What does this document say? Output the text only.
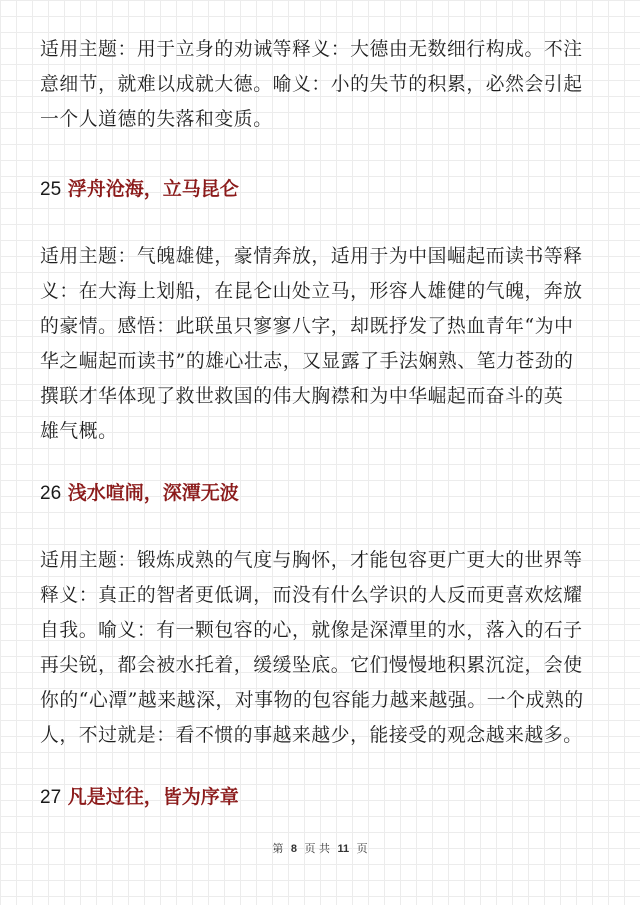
适用主题：用于立身的劝诫等释义：大德由无数细行构成。不注
意细节，就难以成就大德。喻义：小的失节的积累，必然会引起
一个人道德的失落和变质。

25 浮舟沧海，立马昆仑

适用主题：气魄雄健，豪情奔放，适用于为中国崛起而读书等释
义：在大海上划船，在昆仑山处立马，形容人雄健的气魄，奔放
的豪情。感悟：此联虽只寥寥八字，却既抒发了热血青年“为中
华之崛起而读书”的雄心壮志，又显露了手法娴熟、笔力苍劲的
撰联才华体现了救世救国的伟大胸襟和为中华崛起而奋斗的英
雄气概。

26 浅水喧闹，深潭无波

适用主题：锻炼成熟的气度与胸怀，才能包容更广更大的世界等
释义：真正的智者更低调，而没有什么学识的人反而更喜欢炫耀
自我。喻义：有一颗包容的心，就像是深潭里的水，落入的石子
再尖锐，都会被水托着，缓缓坠底。它们慢慢地积累沉淀，会使
你的“心潭”越来越深，对事物的包容能力越来越强。一个成熟的
人，不过就是：看不惯的事越来越少，能接受的观念越来越多。

27 凡是过往，皆为序章
第 8 页 共 11 页
